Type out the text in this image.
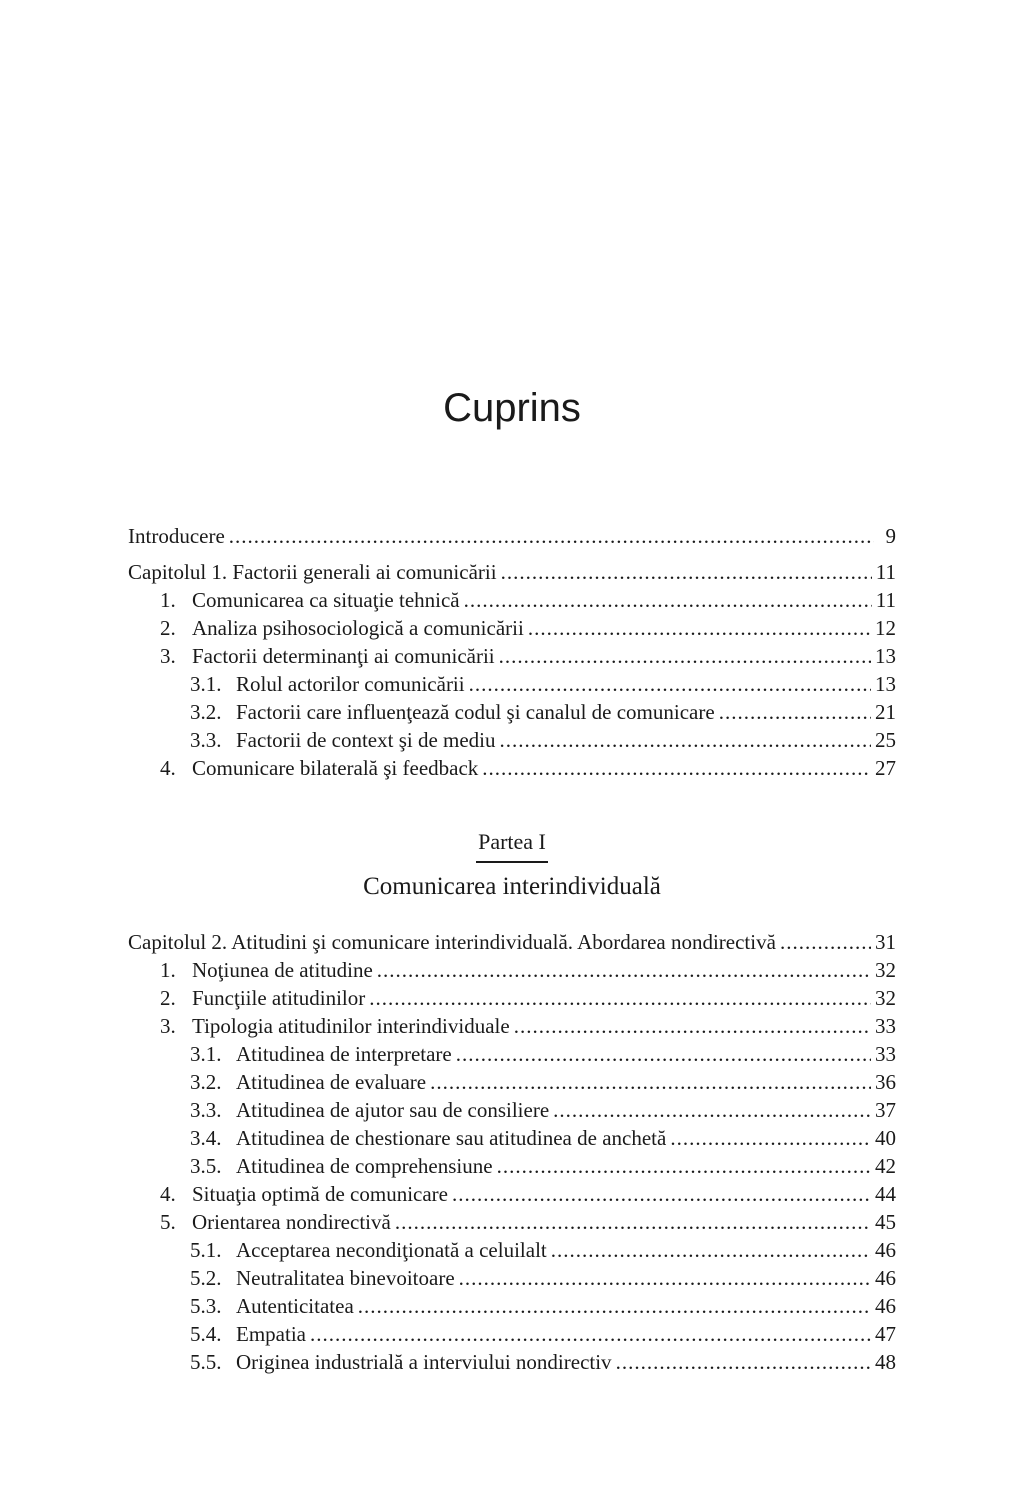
Cuprins
Introducere .....	9
Capitolul 1. Factorii generali ai comunicării .....	11
1. Comunicarea ca situaţie tehnică .....	11
2. Analiza psihosociologică a comunicării .....	12
3. Factorii determinanţi ai comunicării .....	13
3.1. Rolul actorilor comunicării .....	13
3.2. Factorii care influenţează codul şi canalul de comunicare .....	21
3.3. Factorii de context şi de mediu .....	25
4. Comunicare bilaterală şi feedback .....	27
Partea I
Comunicarea interindividuală
Capitolul 2. Atitudini şi comunicare interindividuală. Abordarea nondirectivă .....	31
1. Noţiunea de atitudine .....	32
2. Funcţiile atitudinilor .....	32
3. Tipologia atitudinilor interindividuale .....	33
3.1. Atitudinea de interpretare .....	33
3.2. Atitudinea de evaluare .....	36
3.3. Atitudinea de ajutor sau de consiliere .....	37
3.4. Atitudinea de chestionare sau atitudinea de anchetă .....	40
3.5. Atitudinea de comprehensiune .....	42
4. Situaţia optimă de comunicare .....	44
5. Orientarea nondirectivă .....	45
5.1. Acceptarea necondiţionată a celuilalt .....	46
5.2. Neutralitatea binevoitoare .....	46
5.3. Autenticitatea .....	46
5.4. Empatia .....	47
5.5. Originea industrială a interviului nondirectiv .....	48
